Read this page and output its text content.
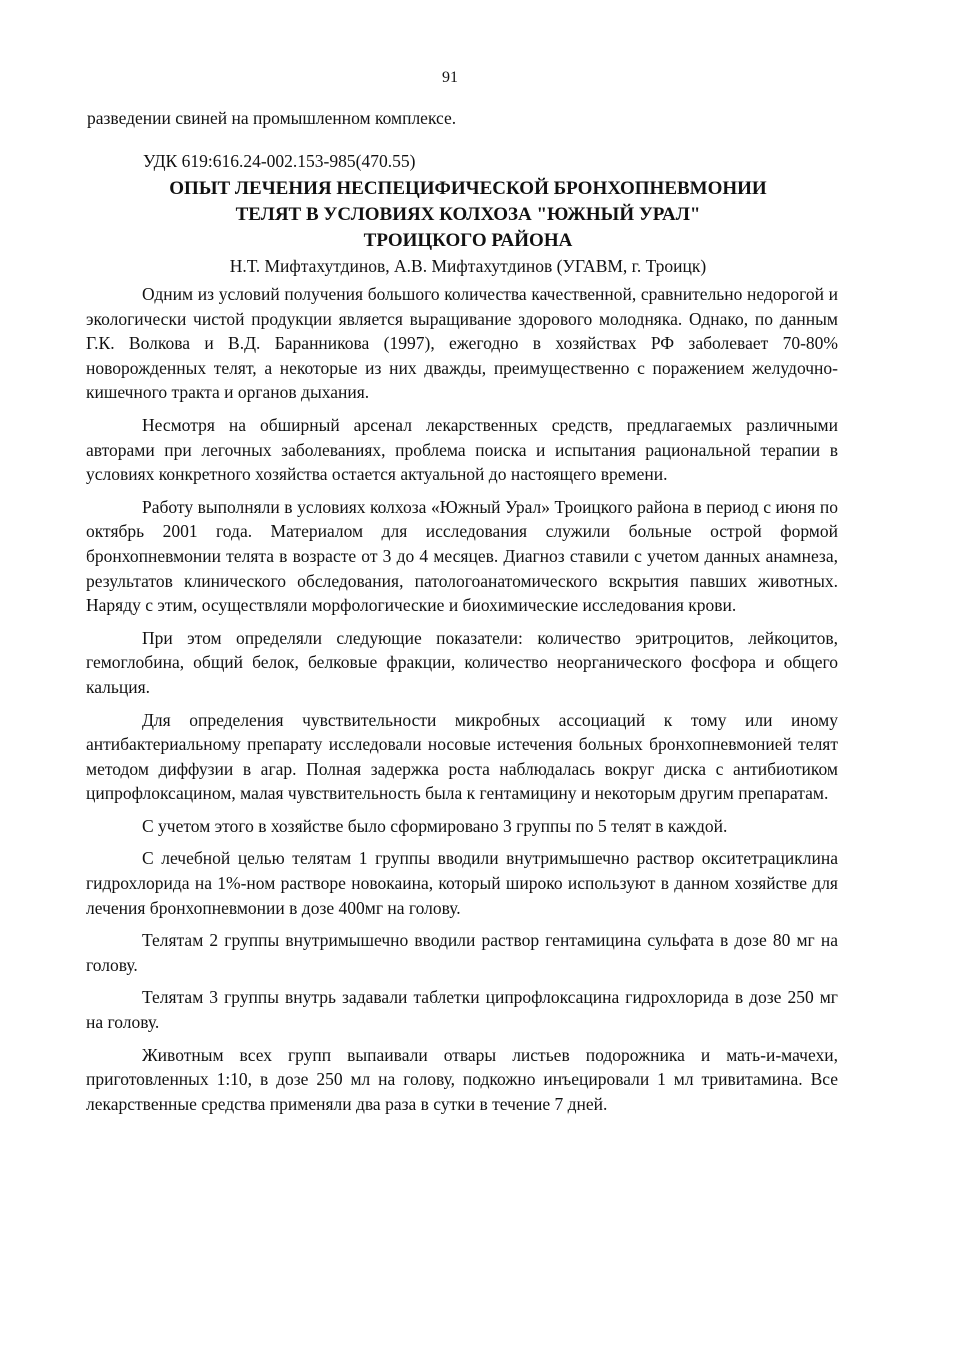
91
разведении свиней на промышленном комплексе.
УДК 619:616.24-002.153-985(470.55)
ОПЫТ ЛЕЧЕНИЯ НЕСПЕЦИФИЧЕСКОЙ БРОНХОПНЕВМОНИИ
ТЕЛЯТ В УСЛОВИЯХ КОЛХОЗА "ЮЖНЫЙ УРАЛ"
ТРОИЦКОГО РАЙОНА
Н.Т. Мифтахутдинов, А.В. Мифтахутдинов (УГАВМ, г. Троицк)

Одним из условий получения большого количества качественной, сравнительно недорогой и экологически чистой продукции является выращивание здорового молодняка. Однако, по данным Г.К. Волкова и В.Д. Баранникова (1997), ежегодно в хозяйствах РФ заболевает 70-80% новорожденных телят, а некоторые из них дважды, преимущественно с поражением желудочно-кишечного тракта и органов дыхания.

Несмотря на обширный арсенал лекарственных средств, предлагаемых различными авторами при легочных заболеваниях, проблема поиска и испытания рациональной терапии в условиях конкретного хозяйства остается актуальной до настоящего времени.

Работу выполняли в условиях колхоза «Южный Урал» Троицкого района в период с июня по октябрь 2001 года. Материалом для исследования служили больные острой формой бронхопневмонии телята в возрасте от 3 до 4 месяцев. Диагноз ставили с учетом данных анамнеза, результатов клинического обследования, патологоанатомического вскрытия павших животных. Наряду с этим, осуществляли морфологические и биохимические исследования крови.

При этом определяли следующие показатели: количество эритроцитов, лейкоцитов, гемоглобина, общий белок, белковые фракции, количество неорганического фосфора и общего кальция.

Для определения чувствительности микробных ассоциаций к тому или иному антибактериальному препарату исследовали носовые истечения больных бронхопневмонией телят методом диффузии в агар. Полная задержка роста наблюдалась вокруг диска с антибиотиком ципрофлоксацином, малая чувствительность была к гентамицину и некоторым другим препаратам.

С учетом этого в хозяйстве было сформировано 3 группы по 5 телят в каждой.

С лечебной целью телятам 1 группы вводили внутримышечно раствор окситетрациклина гидрохлорида на 1%-ном растворе новокаина, который широко используют в данном хозяйстве для лечения бронхопневмонии в дозе 400мг на голову.

Телятам 2 группы внутримышечно вводили раствор гентамицина сульфата в дозе 80 мг на голову.

Телятам 3 группы внутрь задавали таблетки ципрофлоксацина гидрохлорида в дозе 250 мг на голову.

Животным всех групп выпаивали отвары листьев подорожника и мать-и-мачехи, приготовленных 1:10, в дозе 250 мл на голову, подкожно инъецировали 1 мл тривитамина. Все лекарственные средства применяли два раза в сутки в течение 7 дней.
